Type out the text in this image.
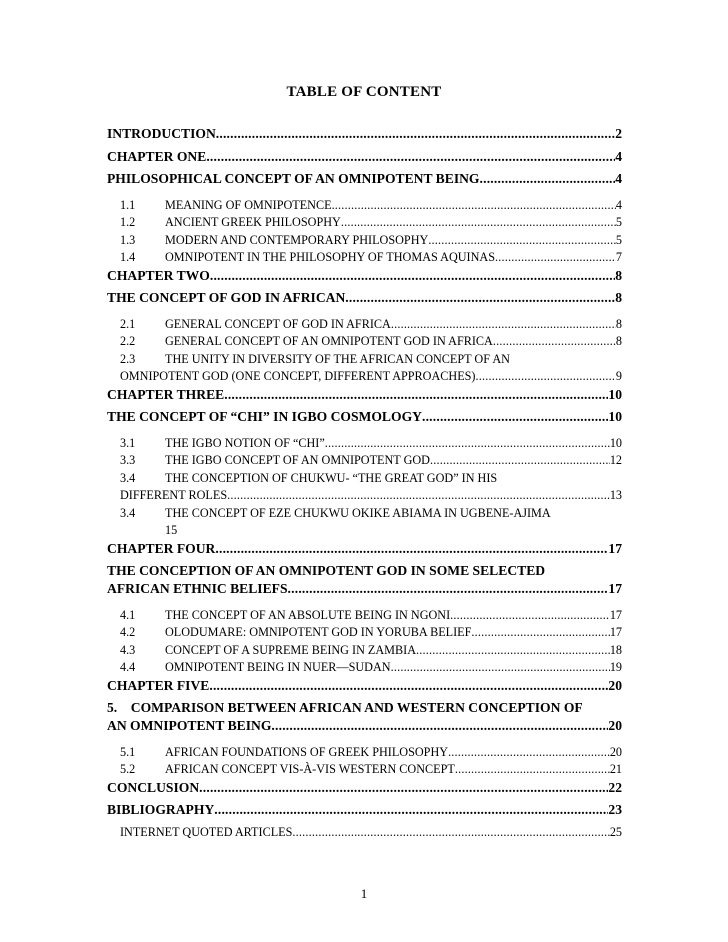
TABLE OF CONTENT
INTRODUCTION .....	2
CHAPTER ONE .....	4
PHILOSOPHICAL CONCEPT OF AN OMNIPOTENT BEING .....	4
1.1 MEANING OF OMNIPOTENCE .....	4
1.2 ANCIENT GREEK PHILOSOPHY .....	5
1.3 MODERN AND CONTEMPORARY PHILOSOPHY .....	5
1.4 OMNIPOTENT IN THE PHILOSOPHY OF THOMAS AQUINAS .....	7
CHAPTER TWO .....	8
THE CONCEPT OF GOD IN AFRICAN .....	8
2.1 GENERAL CONCEPT OF GOD IN AFRICA .....	8
2.2 GENERAL CONCEPT OF AN OMNIPOTENT GOD IN AFRICA .....	8
2.3 THE UNITY IN DIVERSITY OF THE AFRICAN CONCEPT OF AN
OMNIPOTENT GOD (ONE CONCEPT, DIFFERENT APPROACHES) .....	9
CHAPTER THREE .....	10
THE CONCEPT OF “CHI” IN IGBO COSMOLOGY .....	10
3.1 THE IGBO NOTION OF “CHI” .....	10
3.3 THE IGBO CONCEPT OF AN OMNIPOTENT GOD .....	12
3.4 THE CONCEPTION OF CHUKWU- “THE GREAT GOD” IN HIS
DIFFERENT ROLES .....	13
3.4 THE CONCEPT OF EZE CHUKWU OKIKE ABIAMA IN UGBENE-AJIMA
15
CHAPTER FOUR .....	17
THE CONCEPTION OF AN OMNIPOTENT GOD IN SOME SELECTED
AFRICAN ETHNIC BELIEFS .....	17
4.1 THE CONCEPT OF AN ABSOLUTE BEING IN NGONI .....	17
4.2 OLODUMARE: OMNIPOTENT GOD IN YORUBA BELIEF .....	17
4.3 CONCEPT OF A SUPREME BEING IN ZAMBIA .....	18
4.4 OMNIPOTENT BEING IN NUER—SUDAN .....	19
CHAPTER FIVE .....	20
5.    COMPARISON BETWEEN AFRICAN AND WESTERN CONCEPTION OF
AN OMNIPOTENT BEING .....	20
5.1 AFRICAN FOUNDATIONS OF GREEK PHILOSOPHY .....	20
5.2 AFRICAN CONCEPT VIS-À-VIS WESTERN CONCEPT .....	21
CONCLUSION .....	22
BIBLIOGRAPHY .....	23
INTERNET QUOTED ARTICLES .....	25
1
